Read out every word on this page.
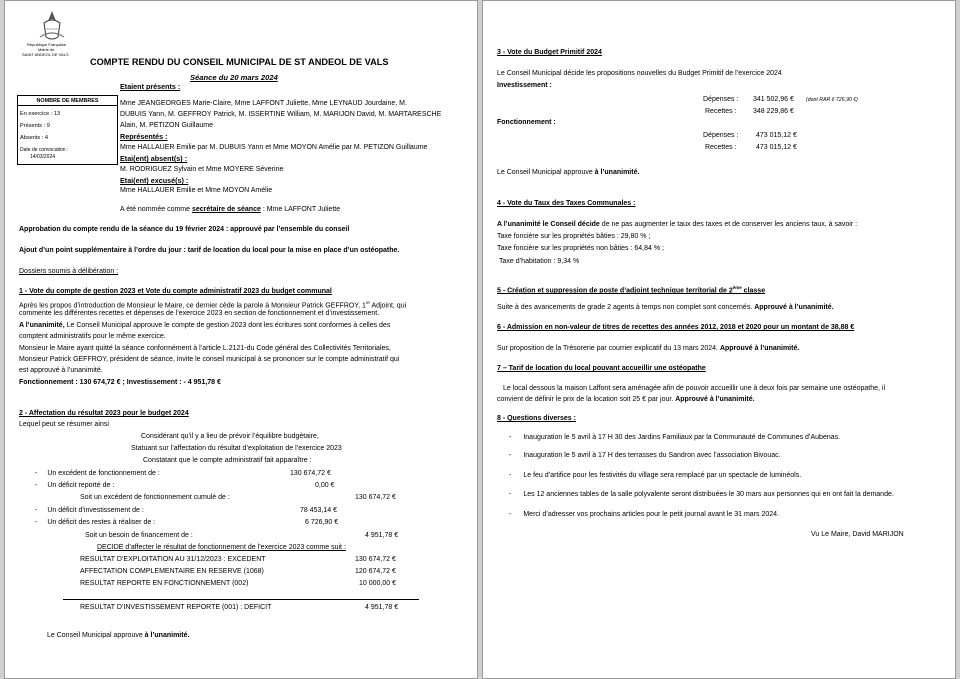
République Française
Mairie de
SAINT ANDEOL DE VALS
COMPTE RENDU DU CONSEIL MUNICIPAL DE ST ANDEOL DE VALS
Séance du 20 mars 2024
NOMBRE DE MEMBRES
En exercice : 13
Présents : 9
Absents : 4
Date de convocation :
14/03/2024
Etaient présents :
Mme JEANGEORGES Marie-Claire, Mme LAFFONT Juliette, Mme LEYNAUD Jourdaine, M.
DUBUIS Yann, M. GEFFROY Patrick, M. ISSERTINE William, M. MARIJON David, M. MARTARESCHE
Alain, M. PETIZON Guillaume
Représentés :
Mme HALLAUER Emilie par M. DUBUIS Yann et Mme MOYON Amélie par M. PETIZON Guillaume
Etai(ent) absent(s) :
M. RODRIGUEZ Sylvain et Mme MOYERE Séverine
Etai(ent) excusé(s) :
Mme HALLAUER Emilie et Mme MOYON Amélie
A été nommée comme secrétaire de séance : Mme LAFFONT Juliette
Approbation du compte rendu de la séance du 19 février 2024 : approuvé par l’ensemble du conseil
Ajout d’un point supplémentaire à l’ordre du jour : tarif de location du local pour la mise en place d’un ostéopathe.
Dossiers soumis à délibération :
1 - Vote du compte de gestion 2023 et Vote du compte administratif 2023 du budget communal
Après les propos d’introduction de Monsieur le Maire, ce dernier cède la parole à Monsieur Patrick GEFFROY, 1er Adjoint, qui
commente les différentes recettes et dépenses de l’exercice 2023 en section de fonctionnement et d’investissement.
A l’unanimité, Le Conseil Municipal approuve le compte de gestion 2023 dont les écritures sont conformes à celles des
comptent administratifs pour le même exercice.
Monsieur le Maire ayant quitté la séance conformément à l’article L.2121-du Code général des Collectivités Territoriales,
Monsieur Patrick GEFFROY, président de séance, invite le conseil municipal à se prononcer sur le compte administratif qui
est approuvé à l’unanimité.
Fonctionnement : 130 674,72 € ; Investissement : - 4 951,78 €
2 - Affectation du résultat 2023 pour le budget 2024
Lequel peut se résumer ainsi
Considérant qu’il y a lieu de prévoir l’équilibre budgétaire,
Statuant sur l’affectation du résultat d’exploitation de l’exercice 2023
Constatant que le compte administratif fait apparaître :
- Un excédent de fonctionnement de :	130 674,72 €
- Un déficit reporté de :	0,00 €
Soit un excédent de fonctionnement cumulé de :	130 674,72 €
- Un déficit d’investissement de :	78 453,14 €
- Un déficit des restes à réaliser de :	6 726,90 €
Soit un besoin de financement de :	4 951,78 €
DECIDE d’affecter le résultat de fonctionnement de l’exercice 2023 comme suit :
RESULTAT D’EXPLOITATION AU 31/12/2023 : EXCEDENT	130 674,72 €
AFFECTATION COMPLEMENTAIRE EN RESERVE (1068)	120 674,72 €
RESULTAT REPORTE EN FONCTIONNEMENT (002)	10 000,00 €
RESULTAT D’INVESTISSEMENT REPORTE (001) : DEFICIT	4 951,78 €
Le Conseil Municipal approuve à l’unanimité.
3 - Vote du Budget Primitif 2024
Le Conseil Municipal décide les propositions nouvelles du Budget Primitif de l’exercice 2024
Investissement :
Dépenses : 341 502,96 € (dont RAR 6 726,90 €)
Recettes : 348 229,86 €
Fonctionnement :
Dépenses :	473 015,12 €
Recettes :	473 015,12 €
Le Conseil Municipal approuve à l’unanimité.
4 - Vote du Taux des Taxes Communales :
A l’unanimité le Conseil décide de ne pas augmenter le taux des taxes et de conserver les anciens taux, à savoir :
Taxe foncière sur les propriétés bâties : 29,80 % ;
Taxe foncière sur les propriétés non bâties : 64,84 % ;
Taxe d’habitation : 9,34 %
5 - Création et suppression de poste d’adjoint technique territorial de 2ème classe
Suite à des avancements de grade 2 agents à temps non complet sont concernés. Approuvé à l’unanimité.
6 - Admission en non-valeur de titres de recettes des années 2012, 2018 et 2020 pour un montant de 38,88 €
Sur proposition de la Trésorerie par courrier explicatif du 13 mars 2024. Approuvé à l’unanimité.
7 – Tarif de location du local pouvant accueillir une ostéopathe
Le local dessous la maison Laffont sera aménagée afin de pouvoir accueillir une à deux fois par semaine une ostéopathe, il
convient de définir le prix de la location soit 25 € par jour. Approuvé à l’unanimité.
8 - Questions diverses :
- Inauguration le 5 avril à 17 H 30 des Jardins Familiaux par la Communauté de Communes d’Aubenas.
- Inauguration le 5 avril à 17 H des terrasses du Sandron avec l’association Bivouac.
- Le feu d’artifice pour les festivités du village sera remplacé par un spectacle de luminéols.
- Les 12 anciennes tables de la salle polyvalente seront distribuées le 30 mars aux personnes qui en ont fait la demande.
- Merci d’adresser vos prochains articles pour le petit journal avant le 31 mars 2024.
Vu Le Maire, David MARIJON
